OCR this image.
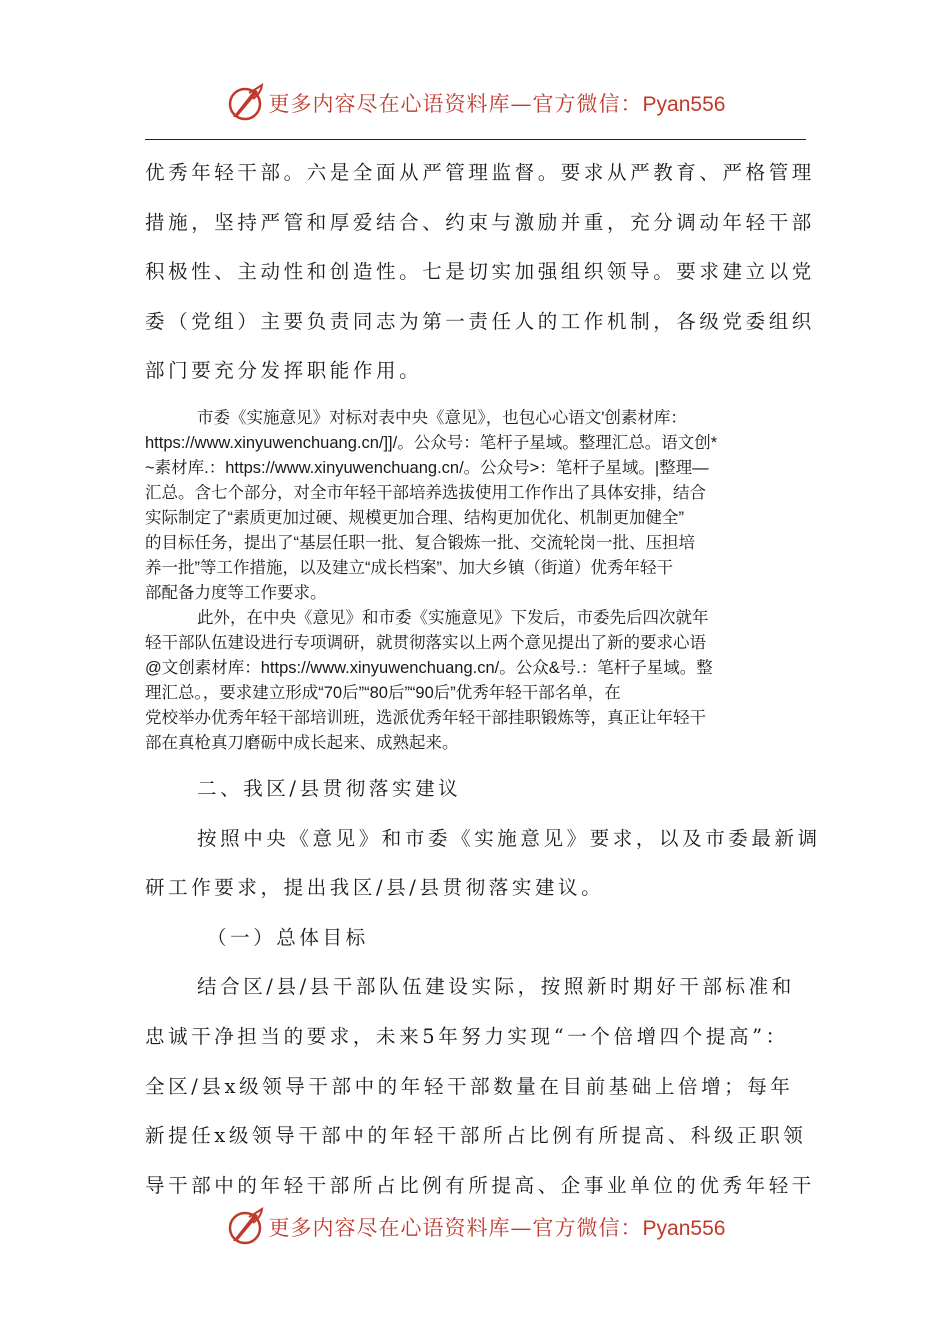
更多内容尽在心语资料库—官方微信：Pyan556

优秀年轻干部。六是全面从严管理监督。要求从严教育、严格管理

措施，坚持严管和厚爱结合、约束与激励并重，充分调动年轻干部

积极性、主动性和创造性。七是切实加强组织领导。要求建立以党

委（党组）主要负责同志为第一责任人的工作机制，各级党委组织

部门要充分发挥职能作用。

市委《实施意见》对标对表中央《意见》，也包心心语文'创素材库：

https://www.xinyuwenchuang.cn/]]/。公众号：笔杆子星域。整理汇总。语文创*

~素材库.：https://www.xinyuwenchuang.cn/。公众号>：笔杆子星域。|整理—

汇总。含七个部分，对全市年轻干部培养选拔使用工作作出了具体安排，结合

实际制定了“素质更加过硬、规模更加合理、结构更加优化、机制更加健全”

的目标任务，提出了“基层任职一批、复合锻炼一批、交流轮岗一批、压担培

养一批”等工作措施，以及建立“成长档案”、加大乡镇（街道）优秀年轻干

部配备力度等工作要求。

此外，在中央《意见》和市委《实施意见》下发后，市委先后四次就年

轻干部队伍建设进行专项调研，就贯彻落实以上两个意见提出了新的要求心语

@文创素材库：https://www.xinyuwenchuang.cn/。公众&号.：笔杆子星域。整

理汇总。，要求建立形成“70后”“80后”“90后”优秀年轻干部名单，在

党校举办优秀年轻干部培训班，选派优秀年轻干部挂职锻炼等，真正让年轻干

部在真枪真刀磨砺中成长起来、成熟起来。

二、我区/县贯彻落实建议

按照中央《意见》和市委《实施意见》要求，以及市委最新调

研工作要求，提出我区/县/县贯彻落实建议。

（一）总体目标

结合区/县/县干部队伍建设实际，按照新时期好干部标准和

忠诚干净担当的要求，未来5年努力实现“一个倍增四个提高”：

全区/县x级领导干部中的年轻干部数量在目前基础上倍增；每年

新提任x级领导干部中的年轻干部所占比例有所提高、科级正职领

导干部中的年轻干部所占比例有所提高、企事业单位的优秀年轻干

更多内容尽在心语资料库—官方微信：Pyan556
